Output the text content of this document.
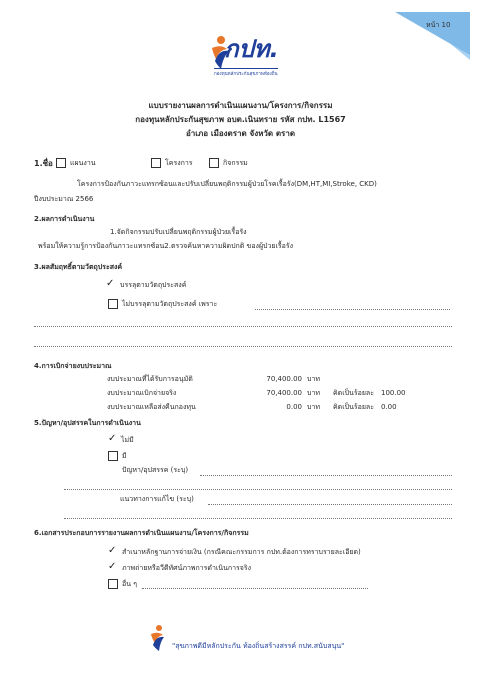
หน้า 10
กปท.
กองทุนหลักประกันสุขภาพท้องถิ่น
แบบรายงานผลการดำเนินแผนงาน/โครงการ/กิจกรรม
กองทุนหลักประกันสุขภาพ อบต.เนินทราย รหัส กปท. L1567
อำเภอ เมืองตราด จังหวัด ตราด
1.ชื่อ แผนงาน	โครงการ	กิจกรรม
โครงการป้องกันภาวะแทรกซ้อนและปรับเปลี่ยนพฤติกรรมผู้ป่วยโรคเรื้อรัง(DM,HT,MI,Stroke, CKD)
ปีงบประมาณ 2566
2.ผลการดำเนินงาน
1.จัดกิจกรรมปรับเปลี่ยนพฤติกรรมผู้ป่วยเรื้อรัง
พร้อมให้ความรู้การป้องกันภาวะแทรกซ้อน2.ตรวจค้นหาความผิดปกติ ของผู้ป่วยเรื้อรัง
3.ผลสัมฤทธิ์ตามวัตถุประสงค์
✓ บรรลุตามวัตถุประสงค์
ไม่บรรลุตามวัตถุประสงค์ เพราะ
4.การเบิกจ่ายงบประมาณ
งบประมาณที่ได้รับการอนุมัติ	70,400.00 บาท
งบประมาณเบิกจ่ายจริง	70,400.00 บาท คิดเป็นร้อยละ 100.00
งบประมาณเหลือส่งคืนกองทุน	0.00 บาท คิดเป็นร้อยละ 0.00
5.ปัญหา/อุปสรรคในการดำเนินงาน
✓ ไม่มี
มี
ปัญหา/อุปสรรค (ระบุ)
แนวทางการแก้ไข (ระบุ)
6.เอกสารประกอบการรายงานผลการดำเนินแผนงาน/โครงการ/กิจกรรม
✓ สำเนาหลักฐานการจ่ายเงิน (กรณีคณะกรรมการ กปท.ต้องการทราบรายละเอียด)
✓ ภาพถ่ายหรือวีดีทัศน์ภาพการดำเนินการจริง
อื่น ๆ
"สุขภาพดีมีหลักประกัน ท้องถิ่นสร้างสรรค์ กปท.สนับสนุน"
